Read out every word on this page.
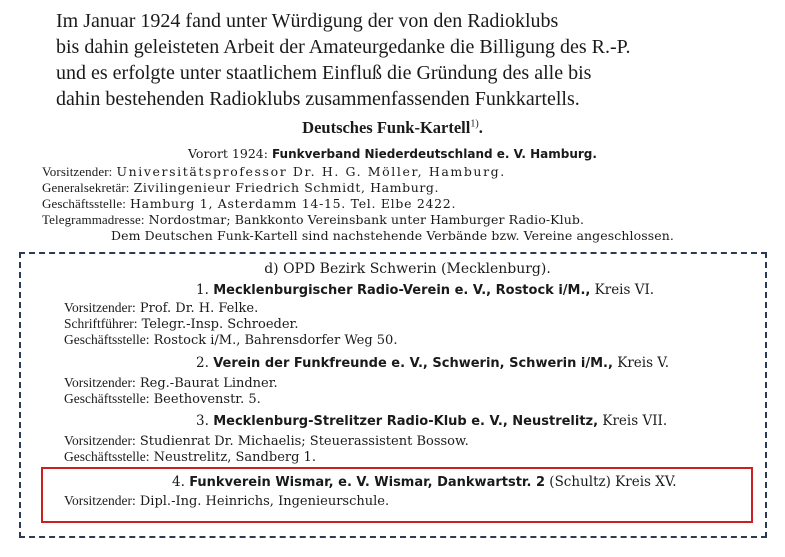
Im Januar 1924 fand unter Würdigung der von den Radioklubs
bis dahin geleisteten Arbeit der Amateurgedanke die Billigung des R.-P.
und es erfolgte unter staatlichem Einfluß die Gründung des alle bis
dahin bestehenden Radioklubs zusammenfassenden Funkkartells.
Deutsches Funk-Kartell$^{1)}$.
Vorort 1924: Funkverband Niederdeutschland e. V. Hamburg.
Vorsitzender: Universitätsprofessor Dr. H. G. Möller, Hamburg.
Generalsekretär: Zivilingenieur Friedrich Schmidt, Hamburg.
Geschäftsstelle: Hamburg 1, Asterdamm 14-15. Tel. Elbe 2422.
Telegrammadresse: Nordostmar; Bankkonto Vereinsbank unter Hamburger Radio-Klub.
Dem Deutschen Funk-Kartell sind nachstehende Verbände bzw. Vereine angeschlossen.
d) OPD Bezirk Schwerin (Mecklenburg).
1. Mecklenburgischer Radio-Verein e. V., Rostock i/M., Kreis VI.
Vorsitzender: Prof. Dr. H. Felke.
Schriftführer: Telegr.-Insp. Schroeder.
Geschäftsstelle: Rostock i/M., Bahrensdorfer Weg 50.
2. Verein der Funkfreunde e. V., Schwerin, Schwerin i/M., Kreis V.
Vorsitzender: Reg.-Baurat Lindner.
Geschäftsstelle: Beethovenstr. 5.
3. Mecklenburg-Strelitzer Radio-Klub e. V., Neustrelitz, Kreis VII.
Vorsitzender: Studienrat Dr. Michaelis; Steuerassistent Bossow.
Geschäftsstelle: Neustrelitz, Sandberg 1.
4. Funkverein Wismar, e. V. Wismar, Dankwartstr. 2 (Schultz) Kreis XV.
Vorsitzender: Dipl.-Ing. Heinrichs, Ingenieurschule.
